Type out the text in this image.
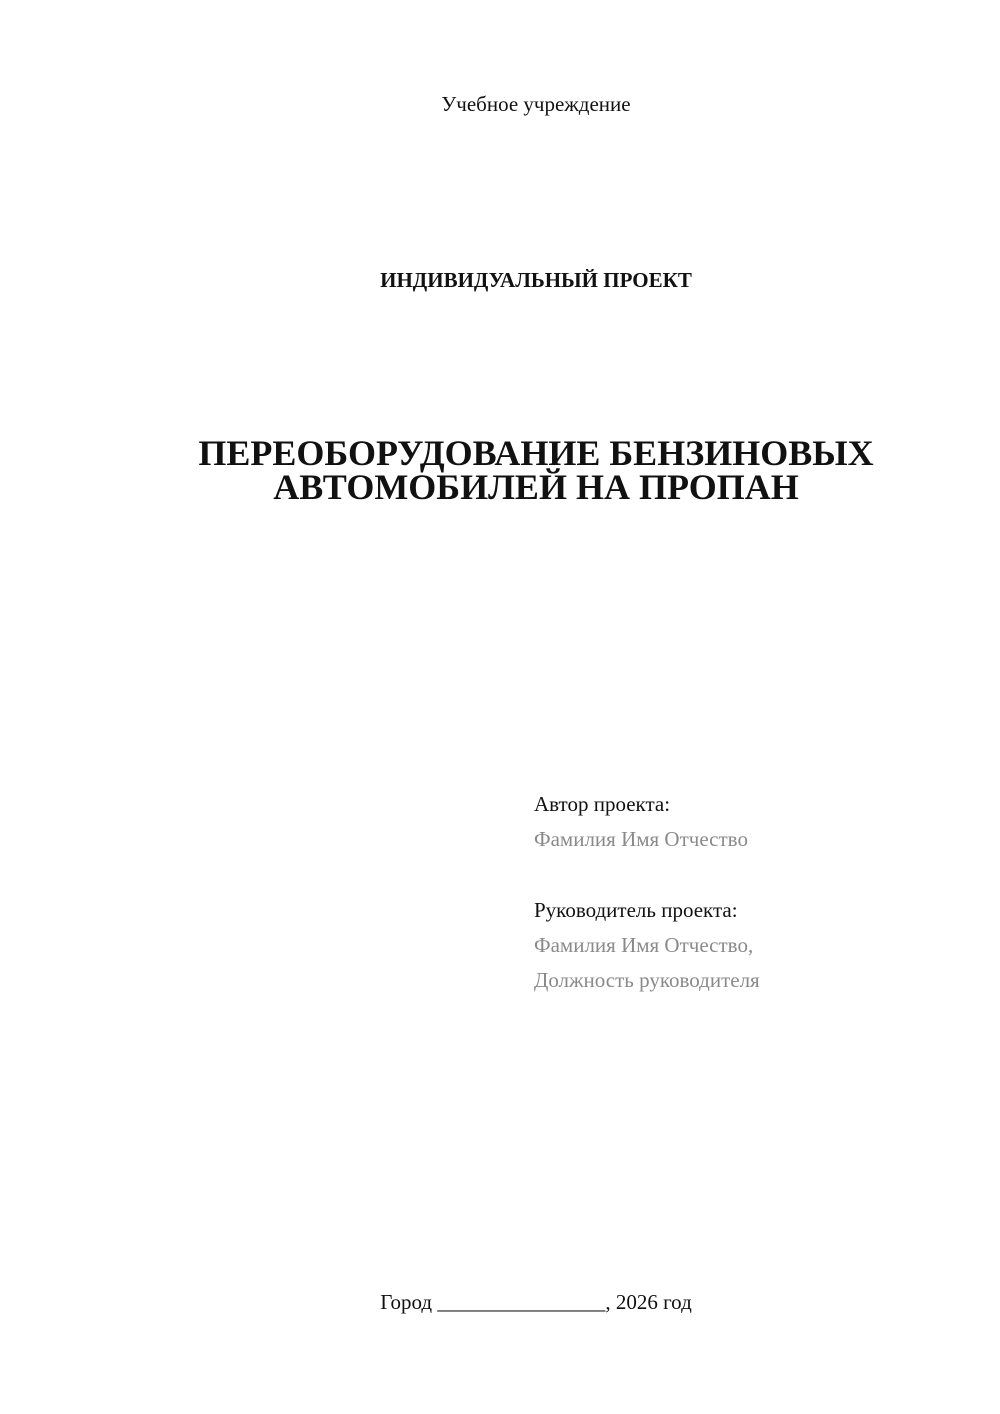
Учебное учреждение
ИНДИВИДУАЛЬНЫЙ ПРОЕКТ
ПЕРЕОБОРУДОВАНИЕ БЕНЗИНОВЫХ
АВТОМОБИЛЕЙ НА ПРОПАН
Автор проекта:
Фамилия Имя Отчество
Руководитель проекта:
Фамилия Имя Отчество,
Должность руководителя
Город ________________, 2026 год
